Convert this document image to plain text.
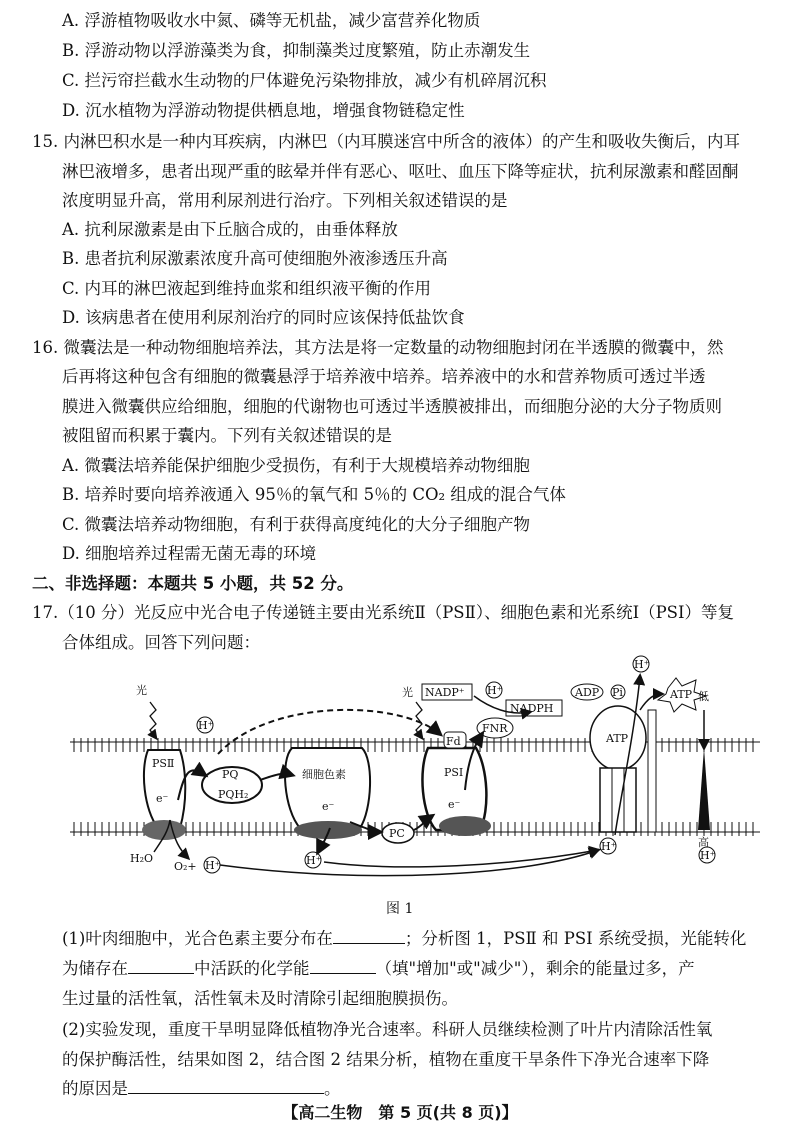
A. 浮游植物吸收水中氮、磷等无机盐，减少富营养化物质
B. 浮游动物以浮游藻类为食，抑制藻类过度繁殖，防止赤潮发生
C. 拦污帘拦截水生动物的尸体避免污染物排放，减少有机碎屑沉积
D. 沉水植物为浮游动物提供栖息地，增强食物链稳定性
15. 内淋巴积水是一种内耳疾病，内淋巴（内耳膜迷宫中所含的液体）的产生和吸收失衡后，内耳
淋巴液增多，患者出现严重的眩晕并伴有恶心、呕吐、血压下降等症状，抗利尿激素和醛固酮
浓度明显升高，常用利尿剂进行治疗。下列相关叙述错误的是
A. 抗利尿激素是由下丘脑合成的，由垂体释放
B. 患者抗利尿激素浓度升高可使细胞外液渗透压升高
C. 内耳的淋巴液起到维持血浆和组织液平衡的作用
D. 该病患者在使用利尿剂治疗的同时应该保持低盐饮食
16. 微囊法是一种动物细胞培养法，其方法是将一定数量的动物细胞封闭在半透膜的微囊中，然
后再将这种包含有细胞的微囊悬浮于培养液中培养。培养液中的水和营养物质可透过半透
膜进入微囊供应给细胞，细胞的代谢物也可透过半透膜被排出，而细胞分泌的大分子物质则
被阻留而积累于囊内。下列有关叙述错误的是
A. 微囊法培养能保护细胞少受损伤，有利于大规模培养动物细胞
B. 培养时要向培养液通入 95％的氧气和 5％的 CO₂ 组成的混合气体
C. 微囊法培养动物细胞，有利于获得高度纯化的大分子细胞产物
D. 细胞培养过程需无菌无毒的环境
二、非选择题：本题共 5 小题，共 52 分。
17.（10 分）光反应中光合电子传递链主要由光系统Ⅱ（PSⅡ）、细胞色素和光系统Ⅰ（PSⅠ）等复
合体组成。回答下列问题：
PSⅡ
e⁻
PQ
PQH₂
细胞色素
e⁻
PC
Fd
PSⅠ
e⁻
FNR
NADP⁺ H⁺
NADPH
ATP
ADP Pi	ATP
H⁺
H⁺	H⁺
H⁺
H⁺
H⁺
光	光
H₂O
O₂+
低
高
图 1
(1)叶肉细胞中，光合色素主要分布在	；分析图 1，PSⅡ 和 PSⅠ 系统受损，光能转化
为储存在	中活跃的化学能	（填"增加"或"减少"），剩余的能量过多，产
生过量的活性氧，活性氧未及时清除引起细胞膜损伤。
(2)实验发现，重度干旱明显降低植物净光合速率。科研人员继续检测了叶片内清除活性氧
的保护酶活性，结果如图 2，结合图 2 结果分析，植物在重度干旱条件下净光合速率下降
的原因是	。
【高二生物　第 5 页(共 8 页)】
